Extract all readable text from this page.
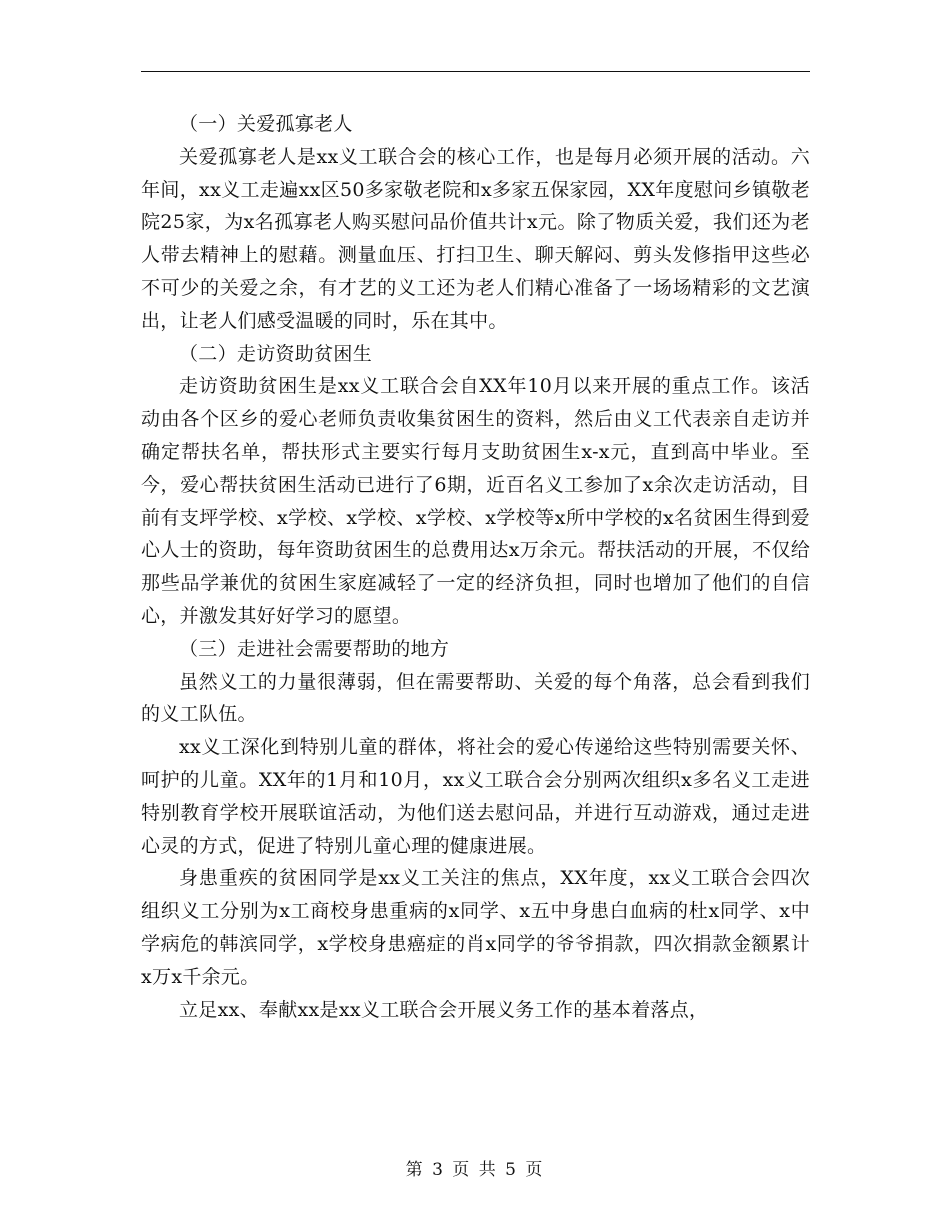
（一）关爱孤寡老人

关爱孤寡老人是xx义工联合会的核心工作，也是每月必须开展的活动。六年间，xx义工走遍xx区50多家敬老院和x多家五保家园，XX年度慰问乡镇敬老院25家，为x名孤寡老人购买慰问品价值共计x元。除了物质关爱，我们还为老人带去精神上的慰藉。测量血压、打扫卫生、聊天解闷、剪头发修指甲这些必不可少的关爱之余，有才艺的义工还为老人们精心准备了一场场精彩的文艺演出，让老人们感受温暖的同时，乐在其中。

（二）走访资助贫困生

走访资助贫困生是xx义工联合会自XX年10月以来开展的重点工作。该活动由各个区乡的爱心老师负责收集贫困生的资料，然后由义工代表亲自走访并确定帮扶名单，帮扶形式主要实行每月支助贫困生x-x元，直到高中毕业。至今，爱心帮扶贫困生活动已进行了6期，近百名义工参加了x余次走访活动，目前有支坪学校、x学校、x学校、x学校、x学校等x所中学校的x名贫困生得到爱心人士的资助，每年资助贫困生的总费用达x万余元。帮扶活动的开展，不仅给那些品学兼优的贫困生家庭减轻了一定的经济负担，同时也增加了他们的自信心，并激发其好好学习的愿望。

（三）走进社会需要帮助的地方

虽然义工的力量很薄弱，但在需要帮助、关爱的每个角落，总会看到我们的义工队伍。

xx义工深化到特别儿童的群体，将社会的爱心传递给这些特别需要关怀、呵护的儿童。XX年的1月和10月，xx义工联合会分别两次组织x多名义工走进特别教育学校开展联谊活动，为他们送去慰问品，并进行互动游戏，通过走进心灵的方式，促进了特别儿童心理的健康进展。

身患重疾的贫困同学是xx义工关注的焦点，XX年度，xx义工联合会四次组织义工分别为x工商校身患重病的x同学、x五中身患白血病的杜x同学、x中学病危的韩滨同学，x学校身患癌症的肖x同学的爷爷捐款，四次捐款金额累计x万x千余元。

立足xx、奉献xx是xx义工联合会开展义务工作的基本着落点，

第 3 页 共 5 页
